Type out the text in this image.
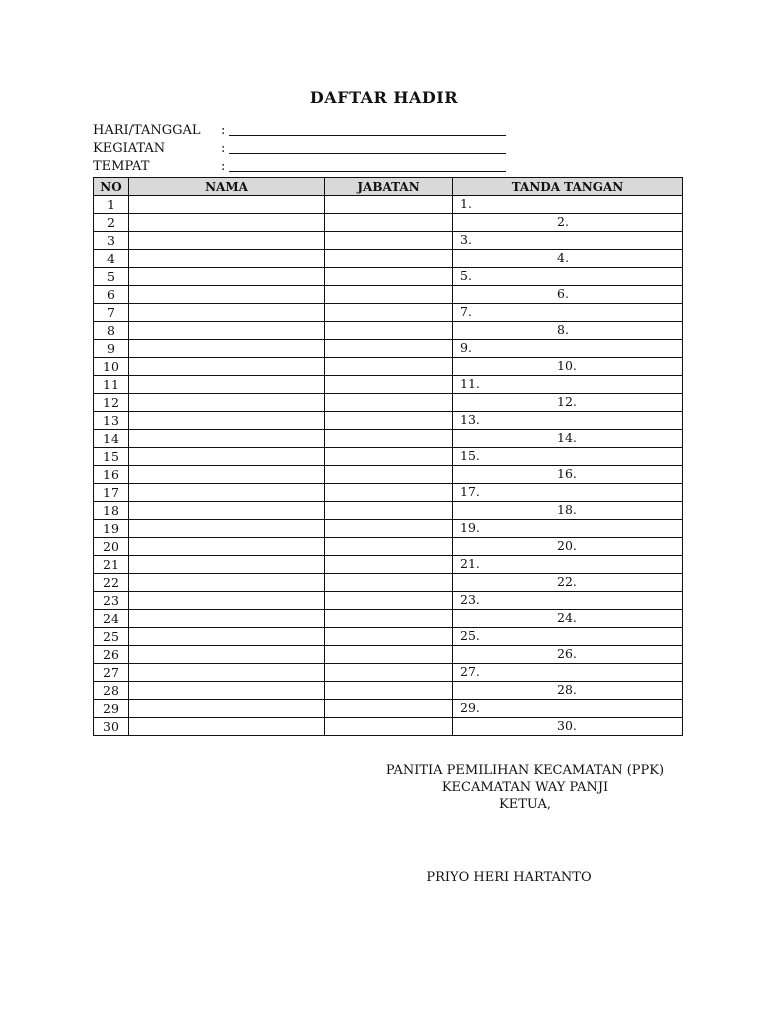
DAFTAR HADIR
HARI/TANGGAL	:
KEGIATAN	:
TEMPAT	:
NO	NAMA	JABATAN	TANDA TANGAN
1			1.

2			2.

3			3.

4			4.

5			5.

6			6.

7			7.

8			8.

9			9.

10			10.

11			11.

12			12.

13			13.

14			14.

15			15.

16			16.

17			17.

18			18.

19			19.

20			20.

21			21.

22			22.

23			23.

24			24.

25			25.

26			26.

27			27.

28			28.

29			29.

30			30.
PANITIA PEMILIHAN KECAMATAN (PPK)
KECAMATAN WAY PANJI
KETUA,
PRIYO HERI HARTANTO
